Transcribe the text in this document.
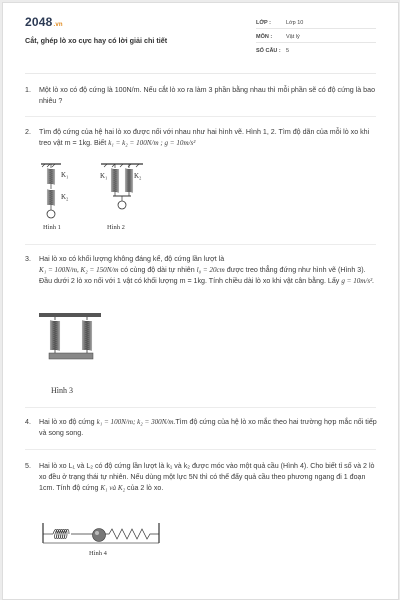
2048.vn
Cắt, ghép lò xo cực hay có lời giải chi tiết
LỚP :	Lớp 10
MÔN :	Vật lý
SỐ CÂU : 5
1. Một lò xo có độ cứng là 100N/m. Nếu cắt lò xo ra làm 3 phần bằng nhau thì mỗi phần sẽ có độ cứng là bao nhiêu ?
2. Tìm độ cứng của hệ hai lò xo được nối với nhau như hai hình vẽ. Hình 1, 2. Tìm độ dãn của mỗi lò xo khi treo vật m = 1kg. Biết k₁ = k₂ = 100N/m ; g = 10m/s²
K₁
K₂
Hình 1
K₁	K₂
Hình 2
3. Hai lò xo có khối lượng không đáng kể, độ cứng lần lượt là
K₁ = 100N/m, K₂ = 150N/m có cùng độ dài tự nhiên l₀ = 20cm được treo thẳng đứng như hình vẽ (Hình 3). Đầu dưới 2 lò xo nối với 1 vật có khối lượng m = 1kg. Tính chiều dài lò xo khi vật cân bằng. Lấy g = 10m/s².
Hình 3
4. Hai lò xo độ cứng k₁ = 100N/m; k₂ = 300N/m.Tìm độ cứng của hệ lò xo mắc theo hai trường hợp mắc nối tiếp và song song.
5. Hai lò xo L₁ và L₂ có độ cứng lần lượt là k₁ và k₂ được móc vào một quả cầu (Hình 4). Cho biết tỉ số và 2 lò xo đều ở trạng thái tự nhiên. Nếu dùng một lực 5N thì có thể đẩy quả cầu theo phương ngang đi 1 đoạn 1cm. Tính độ cứng K₁ và K₂ của 2 lò xo.
Hình 4
